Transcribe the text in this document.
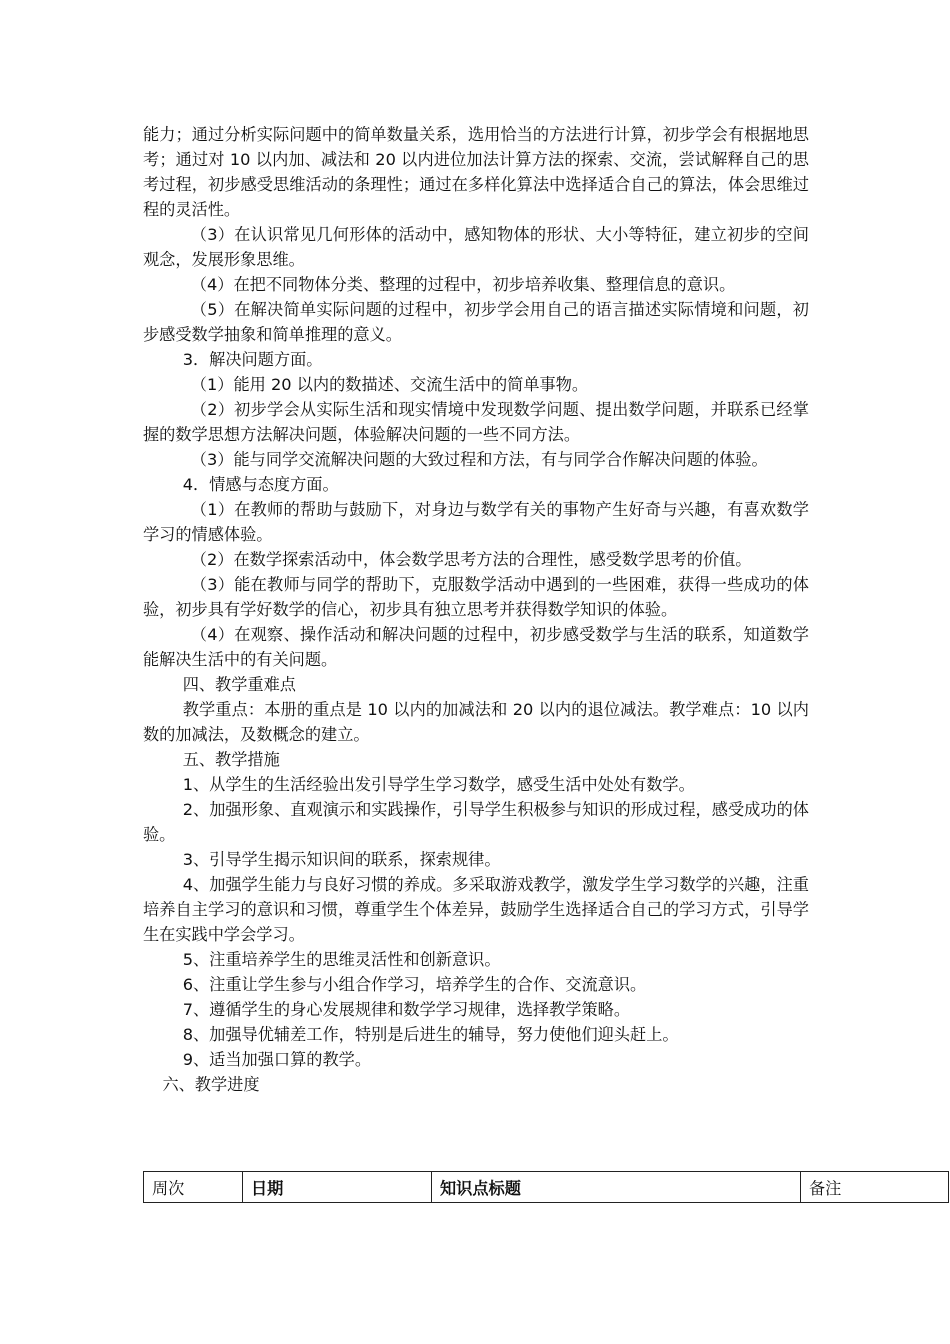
能力；通过分析实际问题中的简单数量关系，选用恰当的方法进行计算，初步学会有根据地思考；通过对 10 以内加、减法和 20 以内进位加法计算方法的探索、交流，尝试解释自己的思考过程，初步感受思维活动的条理性；通过在多样化算法中选择适合自己的算法，体会思维过程的灵活性。

（3）在认识常见几何形体的活动中，感知物体的形状、大小等特征，建立初步的空间观念，发展形象思维。

（4）在把不同物体分类、整理的过程中，初步培养收集、整理信息的意识。

（5）在解决简单实际问题的过程中，初步学会用自己的语言描述实际情境和问题，初步感受数学抽象和简单推理的意义。

3．解决问题方面。

（1）能用 20 以内的数描述、交流生活中的简单事物。

（2）初步学会从实际生活和现实情境中发现数学问题、提出数学问题，并联系已经掌握的数学思想方法解决问题，体验解决问题的一些不同方法。

（3）能与同学交流解决问题的大致过程和方法，有与同学合作解决问题的体验。

4．情感与态度方面。

（1）在教师的帮助与鼓励下，对身边与数学有关的事物产生好奇与兴趣，有喜欢数学学习的情感体验。

（2）在数学探索活动中，体会数学思考方法的合理性，感受数学思考的价值。

（3）能在教师与同学的帮助下，克服数学活动中遇到的一些困难，获得一些成功的体验，初步具有学好数学的信心，初步具有独立思考并获得数学知识的体验。

（4）在观察、操作活动和解决问题的过程中，初步感受数学与生活的联系，知道数学能解决生活中的有关问题。

四、教学重难点

教学重点：本册的重点是 10 以内的加减法和 20 以内的退位减法。教学难点：10 以内数的加减法，及数概念的建立。

五、教学措施

1、从学生的生活经验出发引导学生学习数学，感受生活中处处有数学。

2、加强形象、直观演示和实践操作，引导学生积极参与知识的形成过程，感受成功的体验。

3、引导学生揭示知识间的联系，探索规律。

4、加强学生能力与良好习惯的养成。多采取游戏教学，激发学生学习数学的兴趣，注重培养自主学习的意识和习惯，尊重学生个体差异，鼓励学生选择适合自己的学习方式，引导学生在实践中学会学习。

5、注重培养学生的思维灵活性和创新意识。

6、注重让学生参与小组合作学习，培养学生的合作、交流意识。

7、遵循学生的身心发展规律和数学学习规律，选择教学策略。

8、加强导优辅差工作，特别是后进生的辅导，努力使他们迎头赶上。

9、适当加强口算的教学。

六、教学进度

周次	日期	知识点标题	备注
